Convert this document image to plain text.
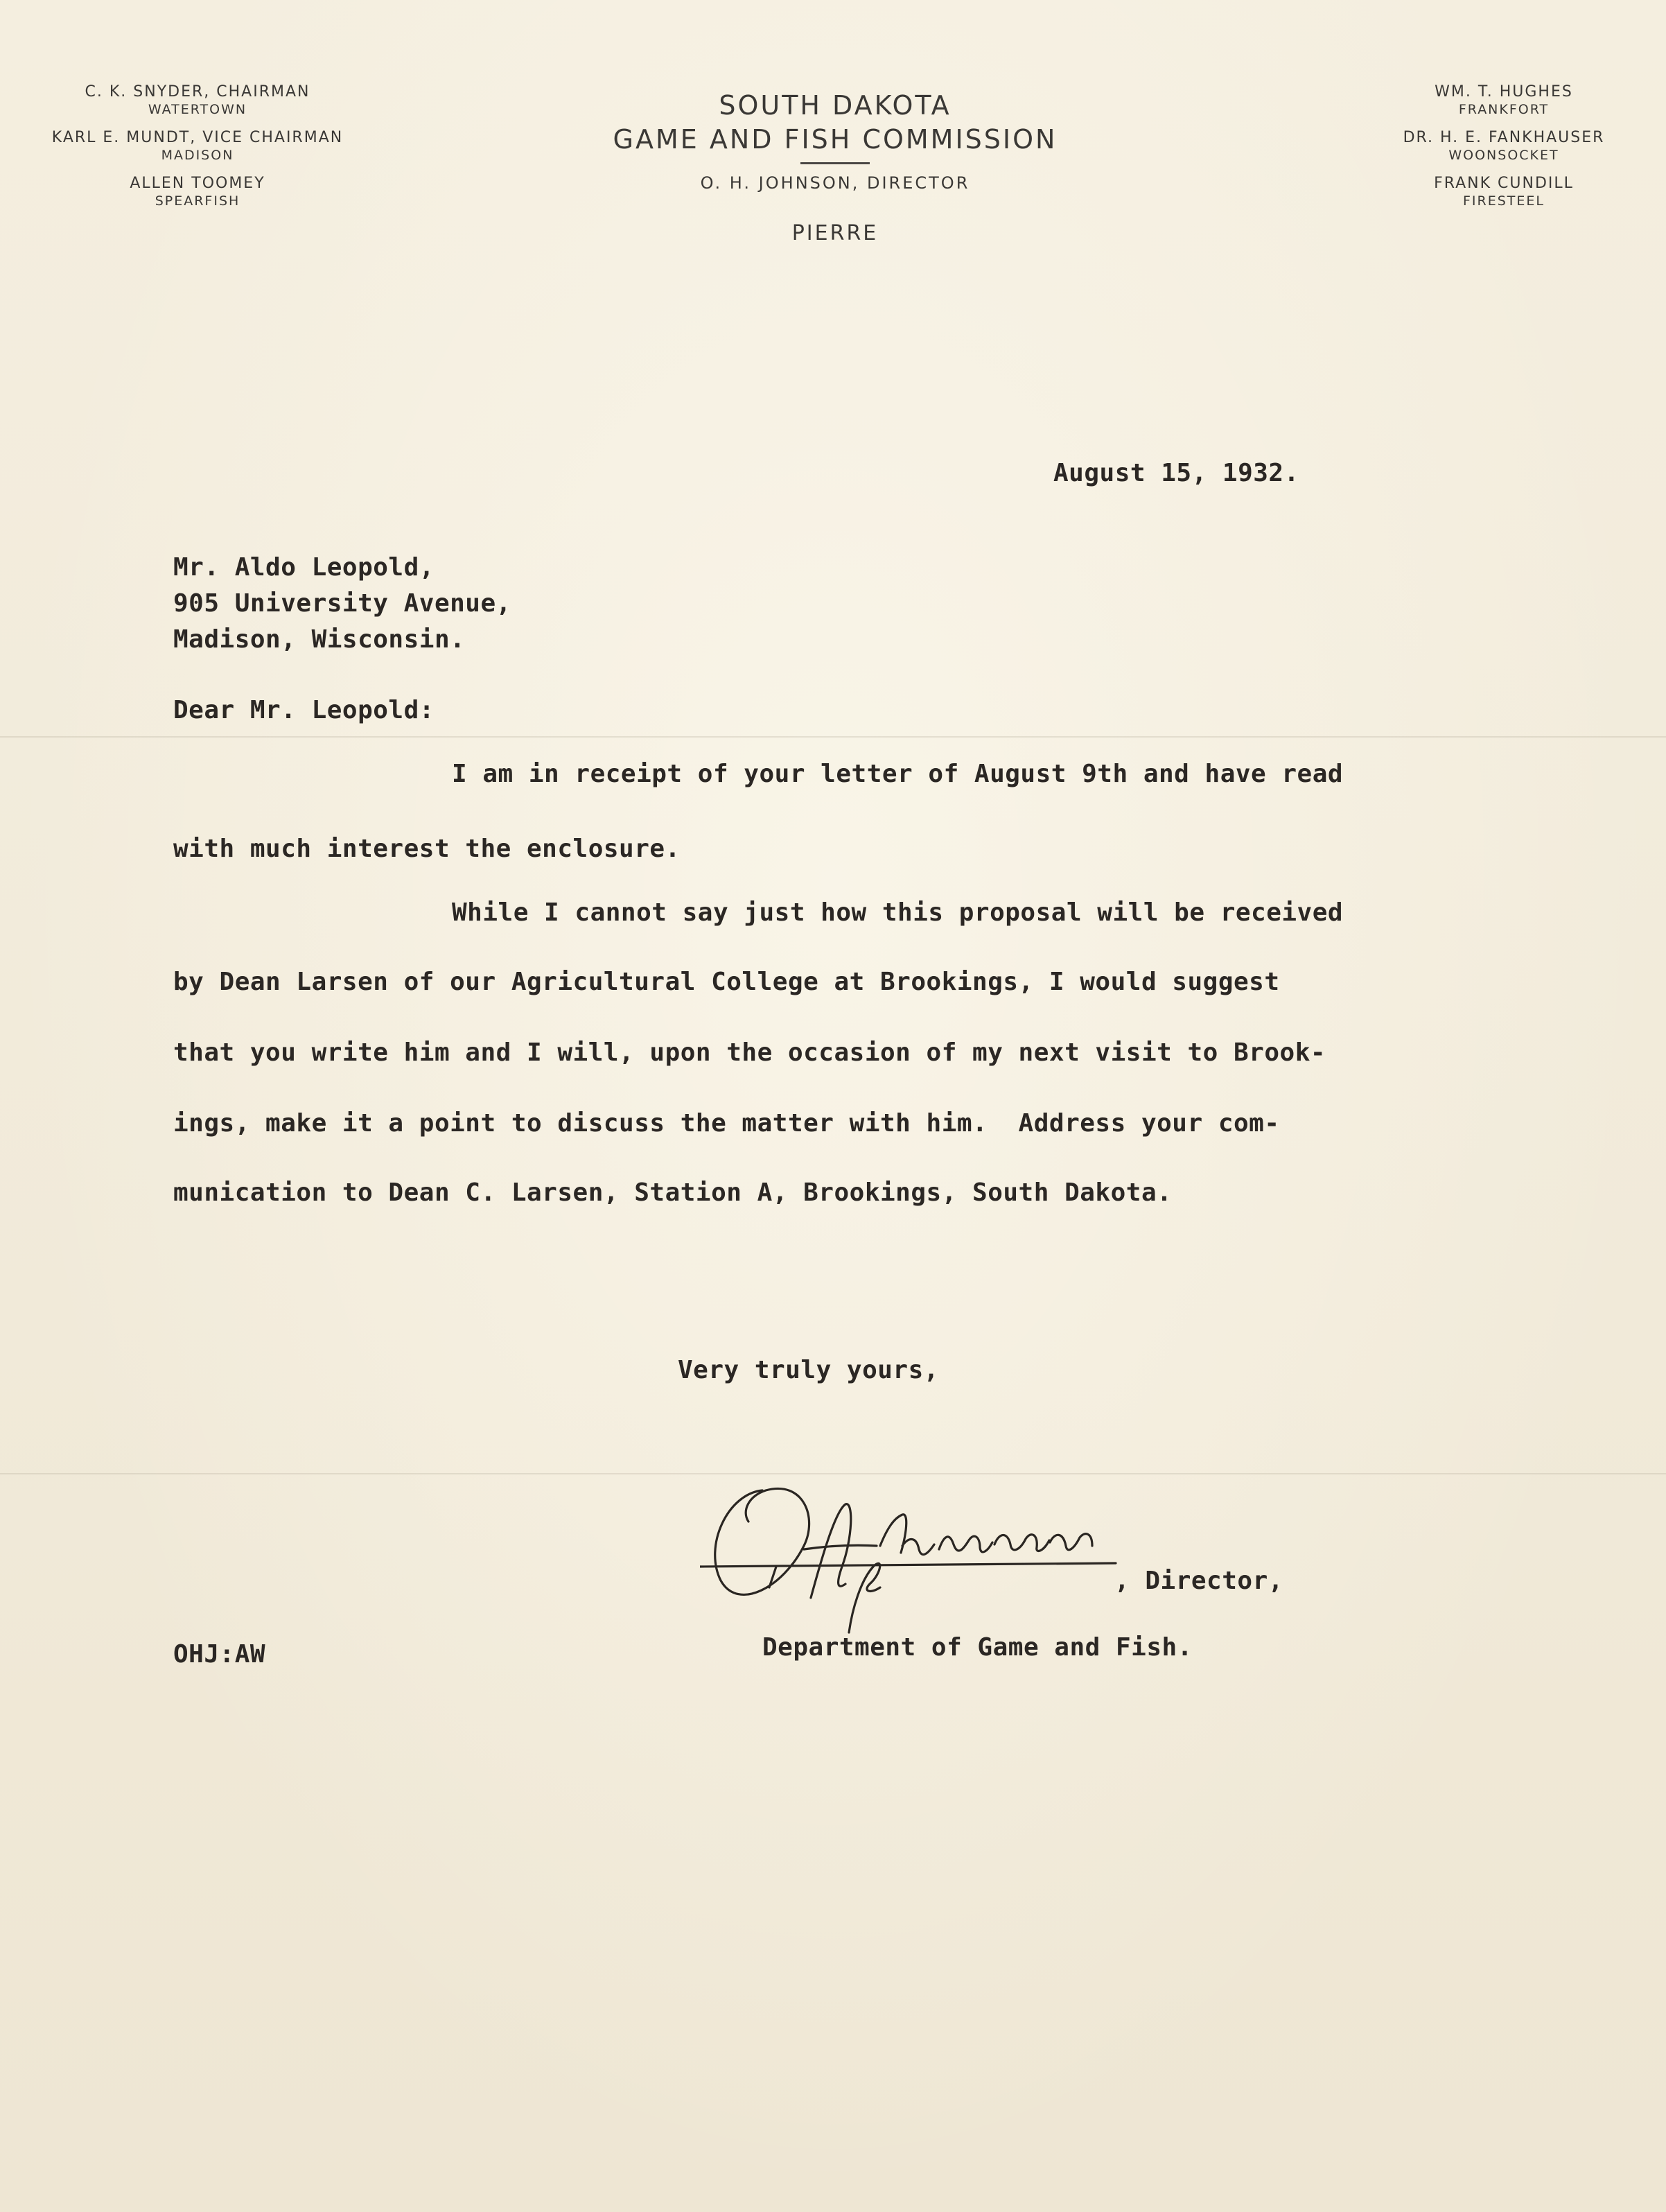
C. K. SNYDER, CHAIRMAN
WATERTOWN
KARL E. MUNDT, VICE CHAIRMAN
MADISON
ALLEN TOOMEY
SPEARFISH
SOUTH DAKOTA
GAME AND FISH COMMISSION
O. H. JOHNSON, DIRECTOR
PIERRE
WM. T. HUGHES
FRANKFORT
DR. H. E. FANKHAUSER
WOONSOCKET
FRANK CUNDILL
FIRESTEEL
August 15, 1932.
Mr. Aldo Leopold,
905 University Avenue,
Madison, Wisconsin.
Dear Mr. Leopold:
I am in receipt of your letter of August 9th and have read
with much interest the enclosure.
While I cannot say just how this proposal will be received
by Dean Larsen of our Agricultural College at Brookings, I would suggest
that you write him and I will, upon the occasion of my next visit to Brook-
ings, make it a point to discuss the matter with him.  Address your com-
munication to Dean C. Larsen, Station A, Brookings, South Dakota.
Very truly yours,
, Director,
Department of Game and Fish.
OHJ:AW
